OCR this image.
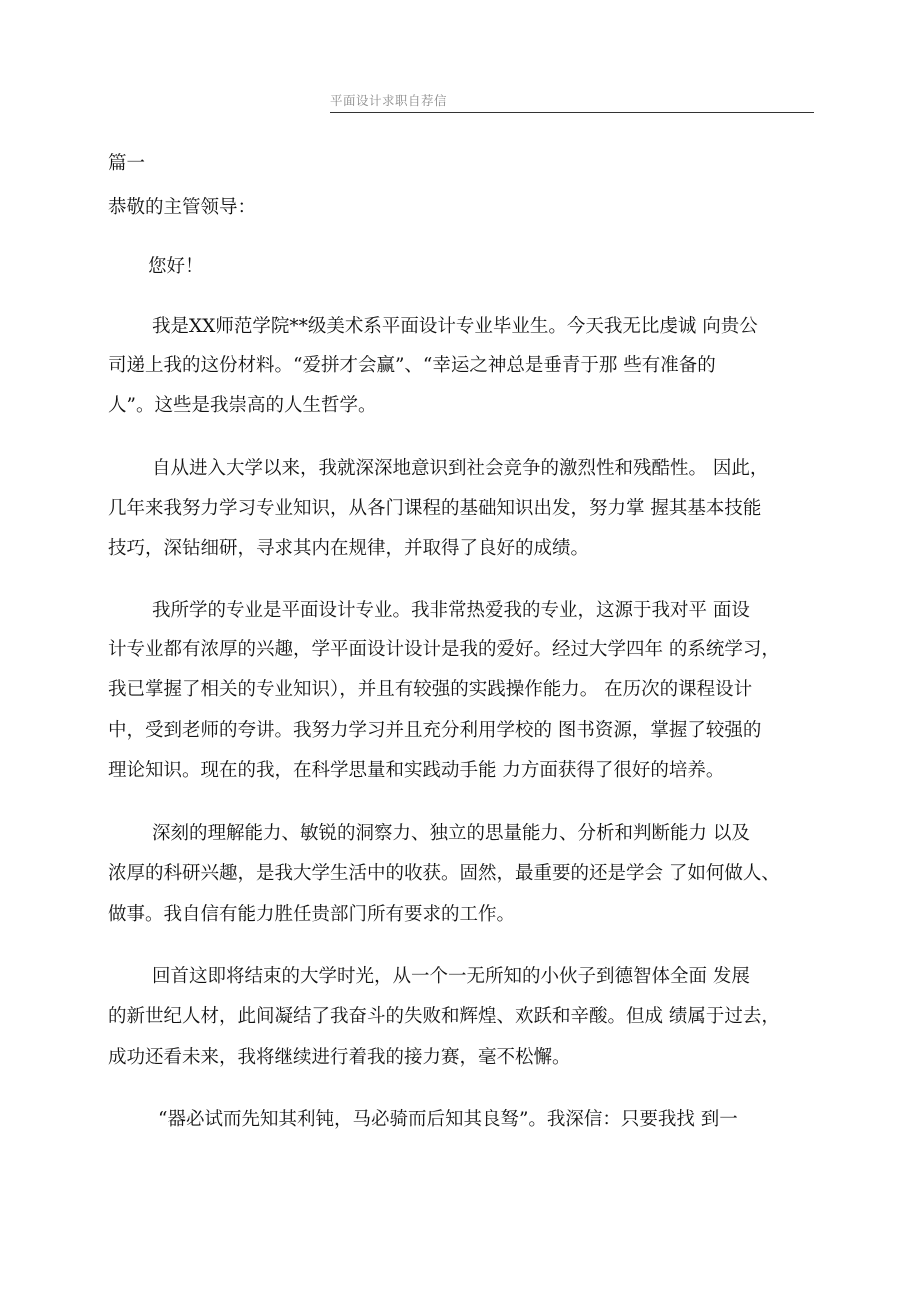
平面设计求职自荐信
篇一
恭敬的主管领导：
您好！
我是XX师范学院**级美术系平面设计专业毕业生。今天我无比虔诚 向贵公
司递上我的这份材料。“爱拼才会赢”、“幸运之神总是垂青于那 些有准备的
人”。这些是我崇高的人生哲学。
自从进入大学以来，我就深深地意识到社会竞争的激烈性和残酷性。 因此，
几年来我努力学习专业知识，从各门课程的基础知识出发，努力掌 握其基本技能
技巧，深钻细研，寻求其内在规律，并取得了良好的成绩。
我所学的专业是平面设计专业。我非常热爱我的专业，这源于我对平 面设
计专业都有浓厚的兴趣，学平面设计设计是我的爱好。经过大学四年 的系统学习，
我已掌握了相关的专业知识），并且有较强的实践操作能力。 在历次的课程设计
中，受到老师的夸讲。我努力学习并且充分利用学校的 图书资源，掌握了较强的
理论知识。现在的我，在科学思量和实践动手能 力方面获得了很好的培养。
深刻的理解能力、敏锐的洞察力、独立的思量能力、分析和判断能力 以及
浓厚的科研兴趣，是我大学生活中的收获。固然，最重要的还是学会 了如何做人、
做事。我自信有能力胜任贵部门所有要求的工作。
回首这即将结束的大学时光，从一个一无所知的小伙子到德智体全面 发展
的新世纪人材，此间凝结了我奋斗的失败和辉煌、欢跃和辛酸。但成 绩属于过去，
成功还看未来，我将继续进行着我的接力赛，毫不松懈。
“器必试而先知其利钝，马必骑而后知其良驽”。我深信：只要我找 到一
